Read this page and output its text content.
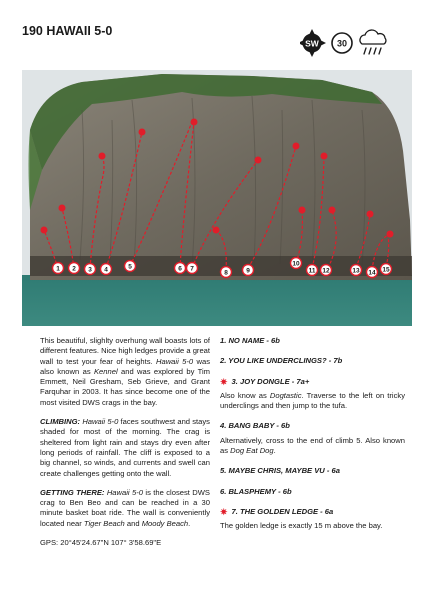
190 HAWAII 5-0
SW 30
1 2 3 4	5	6 7
8	9
10
11 12	13 14 15

This beautiful, slighlty overhung wall boasts lots of different features. Nice high ledges provide a great wall to test your fear of heights. Hawaii 5-0 was also known as Kennel and was explored by Tim Emmett, Neil Gresham, Seb Grieve, and Grant Farquhar in 2003. It has since become one of the most visited DWS crags in the bay.

CLIMBING: Hawaii 5-0 faces southwest and stays shaded for most of the morning. The crag is sheltered from light rain and stays dry even after long periods of rainfall. The cliff is exposed to a big channel, so winds, and currents and swell can create challenges getting onto the wall.

GETTING THERE: Hawaii 5-0 is the closest DWS crag to Ben Beo and can be reached in a 30 minute basket boat ride. The wall is conveniently located near Tiger Beach and Moody Beach.

GPS: 20°45'24.67"N 107° 3'58.69"E
1. NO NAME - 6b
2. YOU LIKE UNDERCLINGS? - 7b
✷ 3. JOY DONGLE - 7a+
Also know as Dogtastic. Traverse to the left on tricky underclings and then jump to the tufa.
4. BANG BABY - 6b
Alternatively, cross to the end of climb 5. Also known as Dog Eat Dog.
5. MAYBE CHRIS, MAYBE VU - 6a
6. BLASPHEMY - 6b
✷ 7. THE GOLDEN LEDGE - 6a
The golden ledge is exactly 15 m above the bay.
